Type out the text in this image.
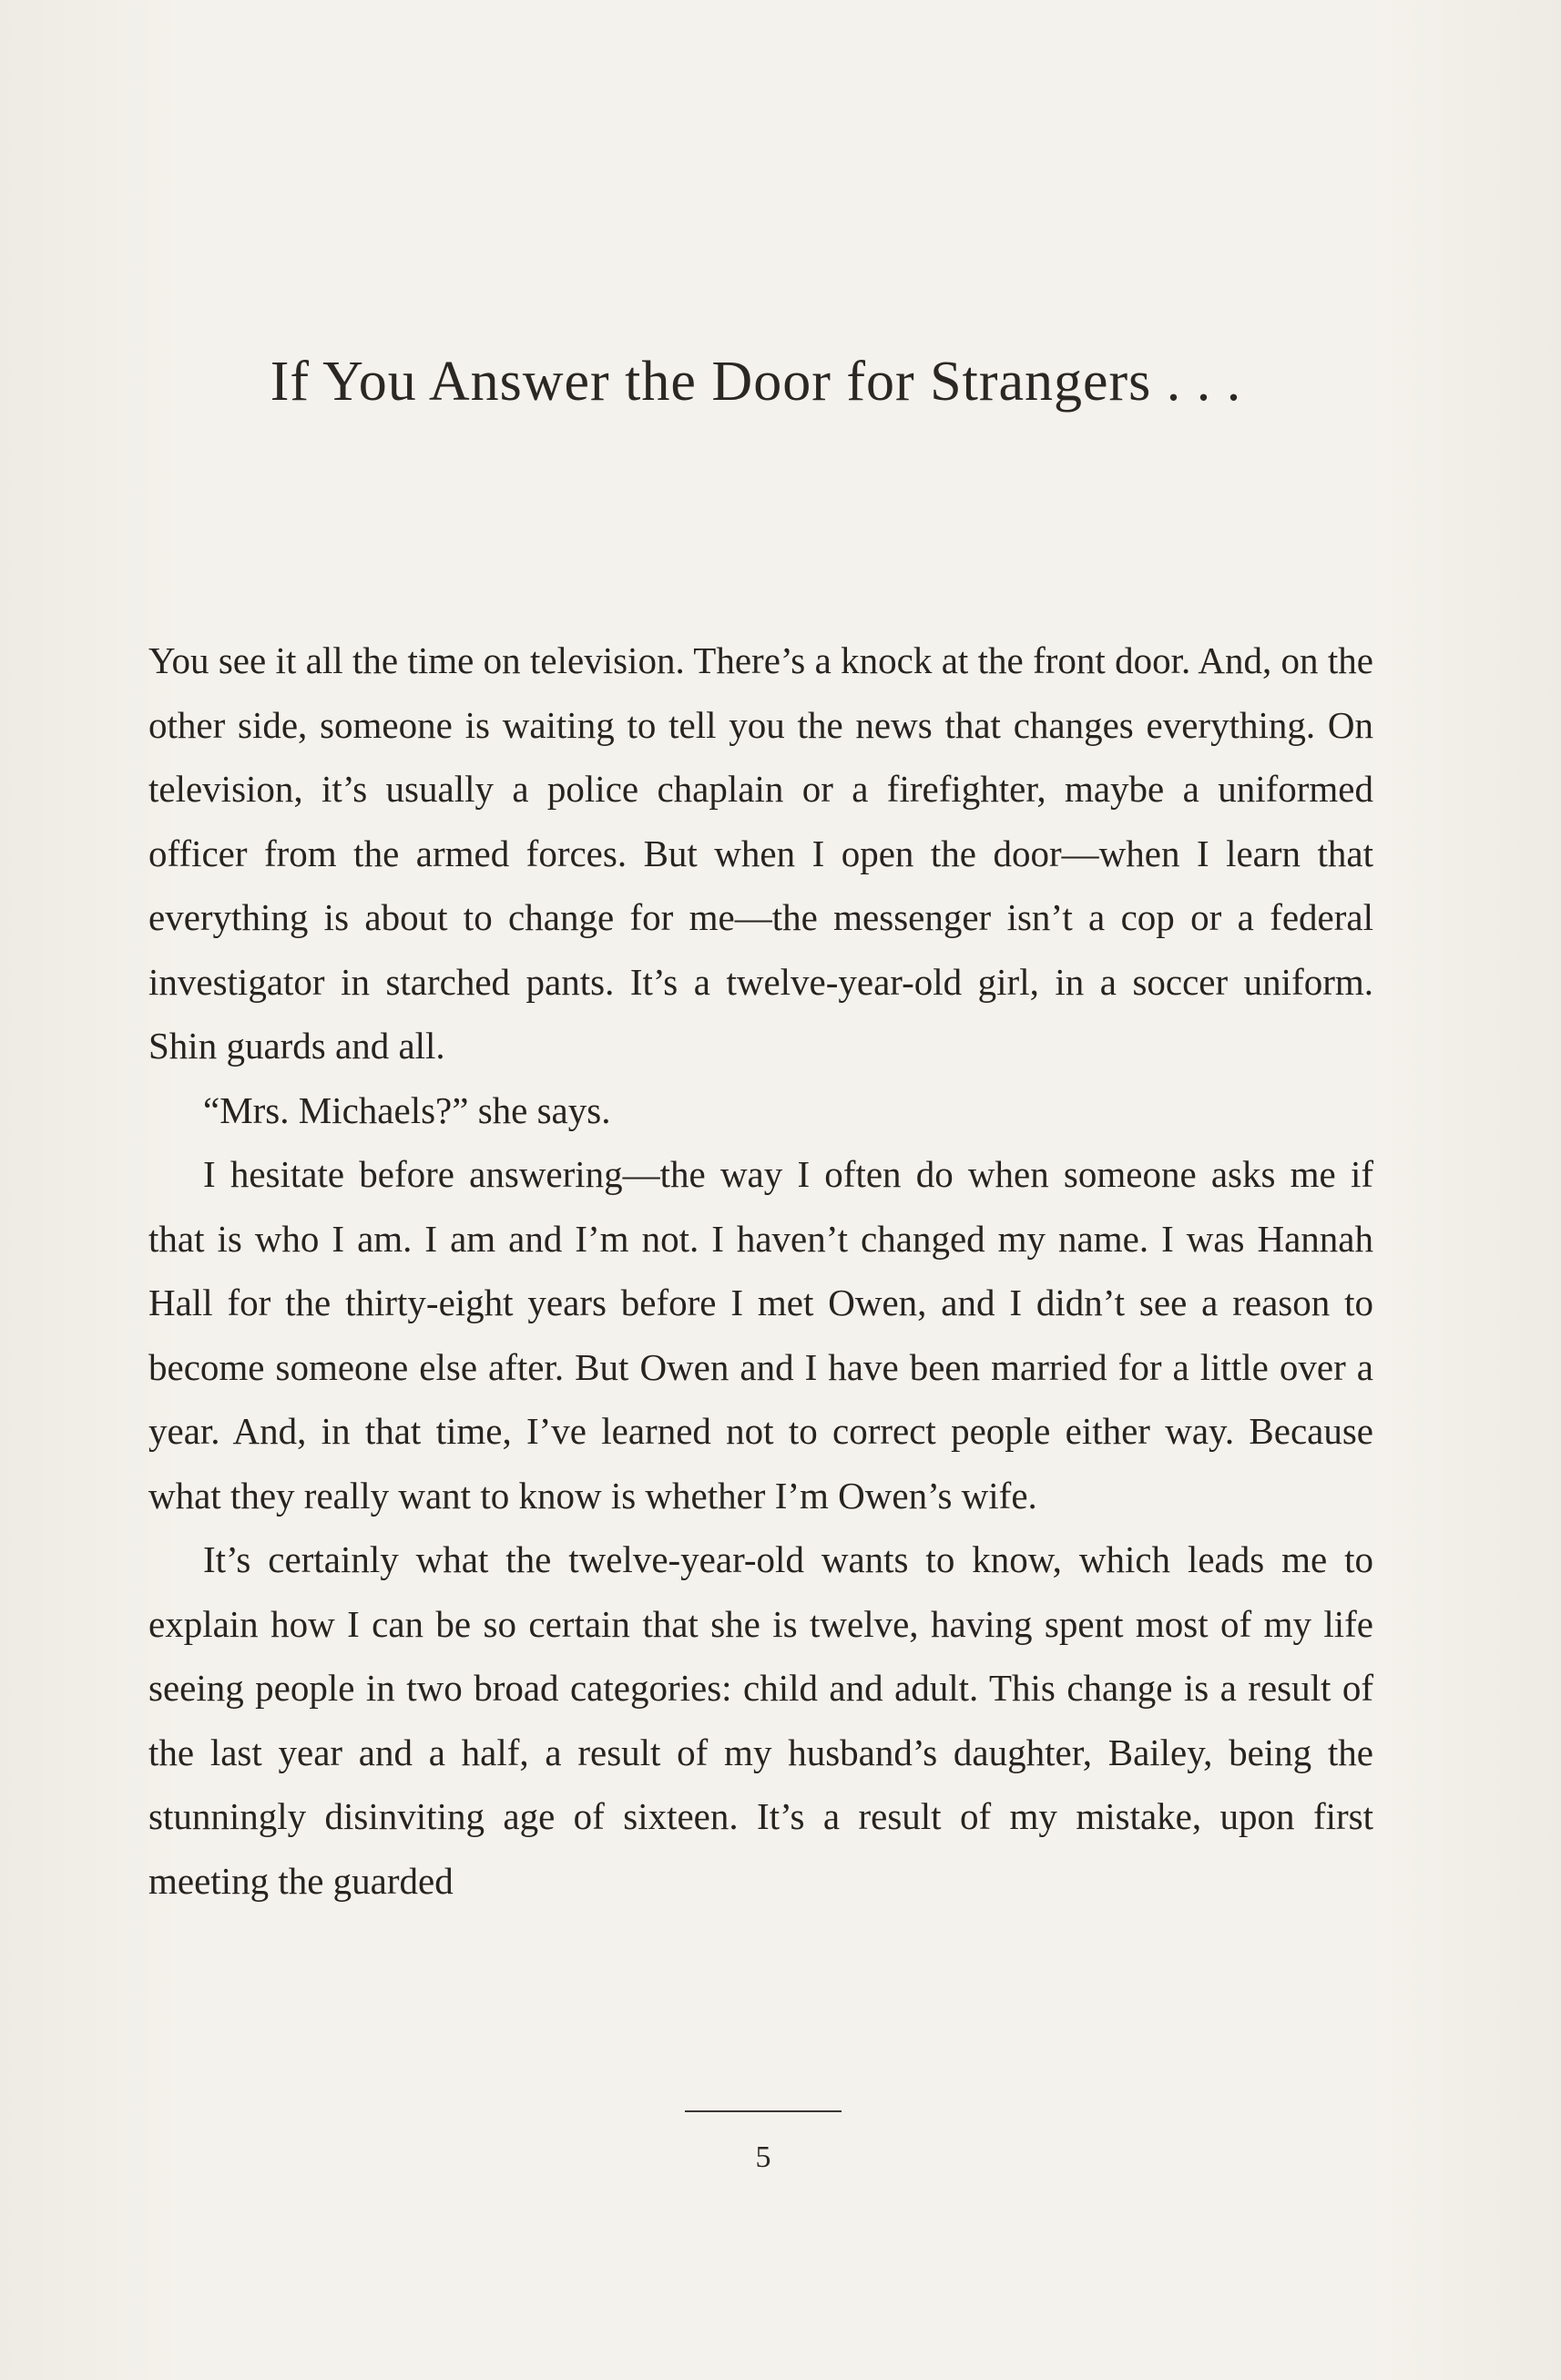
If You Answer the Door for Strangers . . .

You see it all the time on television. There’s a knock at the front door. And, on the other side, someone is waiting to tell you the news that changes everything. On television, it’s usually a police chaplain or a firefighter, maybe a uniformed officer from the armed forces. But when I open the door—when I learn that everything is about to change for me—the messenger isn’t a cop or a federal investigator in starched pants. It’s a twelve-year-old girl, in a soccer uniform. Shin guards and all.

“Mrs. Michaels?” she says.

I hesitate before answering—the way I often do when someone asks me if that is who I am. I am and I’m not. I haven’t changed my name. I was Hannah Hall for the thirty-eight years before I met Owen, and I didn’t see a reason to become someone else after. But Owen and I have been married for a little over a year. And, in that time, I’ve learned not to correct people either way. Because what they really want to know is whether I’m Owen’s wife.

It’s certainly what the twelve-year-old wants to know, which leads me to explain how I can be so certain that she is twelve, having spent most of my life seeing people in two broad categories: child and adult. This change is a result of the last year and a half, a result of my husband’s daughter, Bailey, being the stunningly disinviting age of sixteen. It’s a result of my mistake, upon first meeting the guarded

5
